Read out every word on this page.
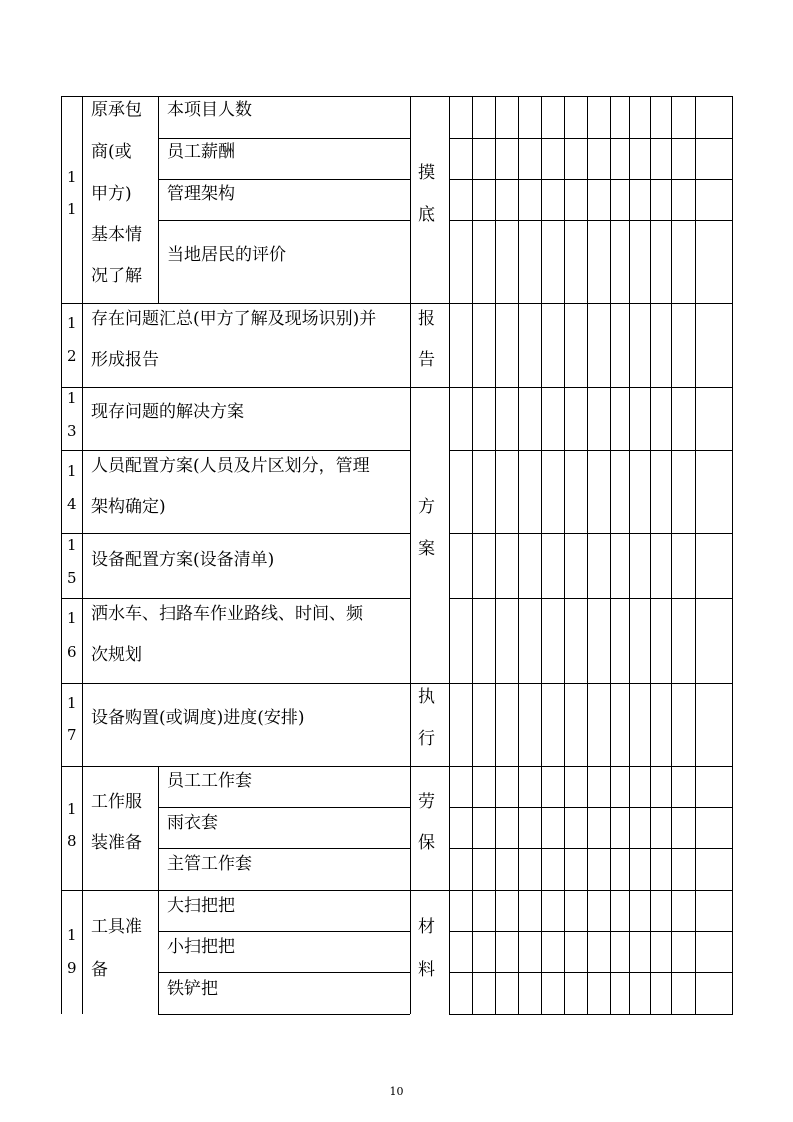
1
1
原承包
商(或
甲方)
基本情
况了解
本项目人数
员工薪酬
管理架构
当地居民的评价
摸
底
1
2
存在问题汇总(甲方了解及现场识别)并
形成报告
报
告
1
3
现存问题的解决方案
1
4
人员配置方案(人员及片区划分，管理
架构确定)
1
5
设备配置方案(设备清单)
1
6
洒水车、扫路车作业路线、时间、频
次规划
方
案
1
7
设备购置(或调度)进度(安排)
执
行
1
8
工作服
装准备
员工工作套
雨衣套
主管工作套
劳
保
1
9
工具准
备
大扫把把
小扫把把
铁铲把
材
料
10
